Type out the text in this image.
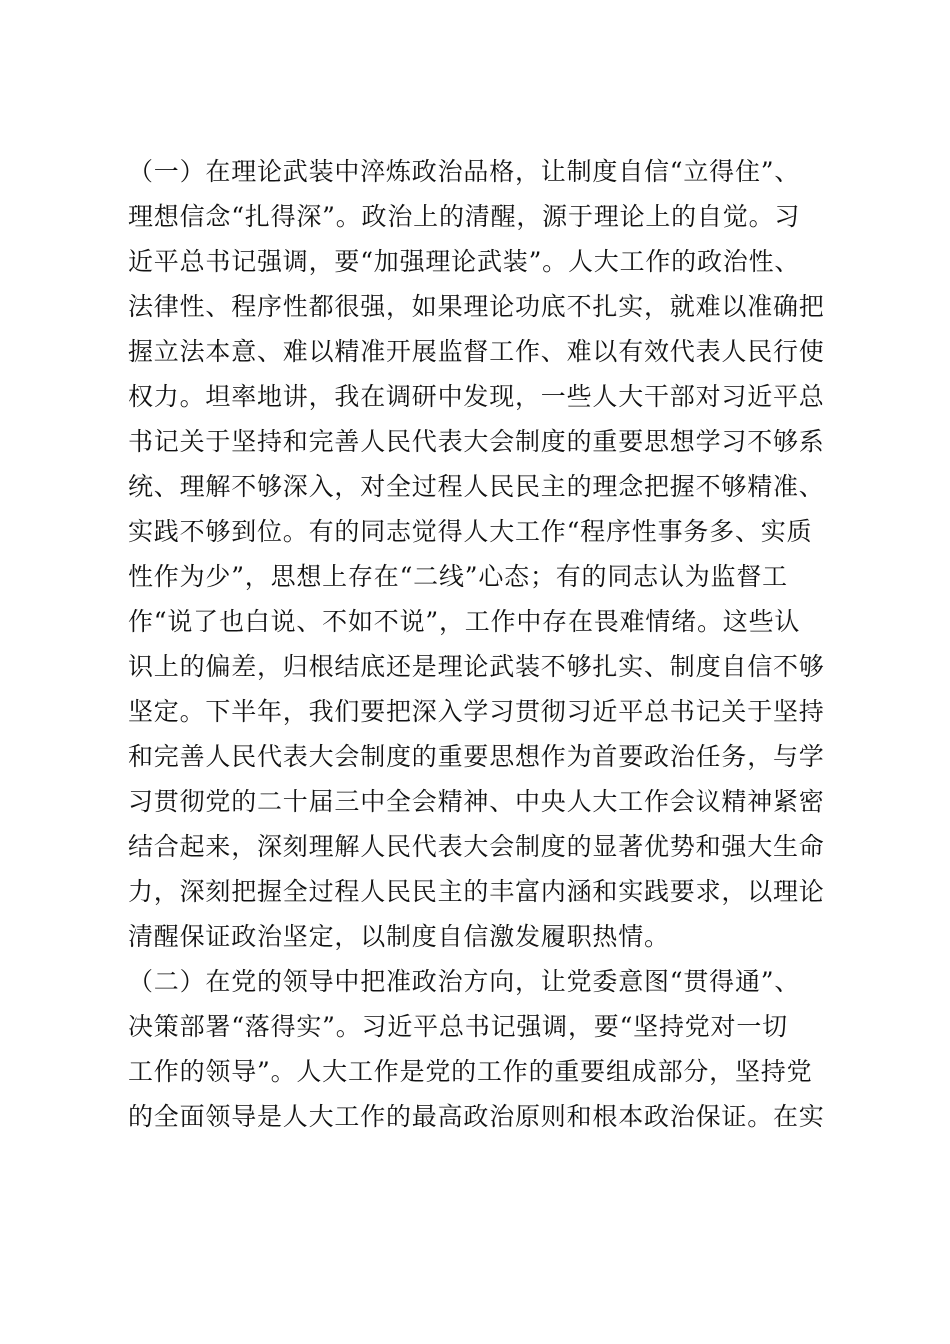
（一）在理论武装中淬炼政治品格，让制度自信“立得住”、
理想信念“扎得深”。政治上的清醒，源于理论上的自觉。习
近平总书记强调，要“加强理论武装”。人大工作的政治性、
法律性、程序性都很强，如果理论功底不扎实，就难以准确把
握立法本意、难以精准开展监督工作、难以有效代表人民行使
权力。坦率地讲，我在调研中发现，一些人大干部对习近平总
书记关于坚持和完善人民代表大会制度的重要思想学习不够系
统、理解不够深入，对全过程人民民主的理念把握不够精准、
实践不够到位。有的同志觉得人大工作“程序性事务多、实质
性作为少”，思想上存在“二线”心态；有的同志认为监督工
作“说了也白说、不如不说”，工作中存在畏难情绪。这些认
识上的偏差，归根结底还是理论武装不够扎实、制度自信不够
坚定。下半年，我们要把深入学习贯彻习近平总书记关于坚持
和完善人民代表大会制度的重要思想作为首要政治任务，与学
习贯彻党的二十届三中全会精神、中央人大工作会议精神紧密
结合起来，深刻理解人民代表大会制度的显著优势和强大生命
力，深刻把握全过程人民民主的丰富内涵和实践要求，以理论
清醒保证政治坚定，以制度自信激发履职热情。
（二）在党的领导中把准政治方向，让党委意图“贯得通”、
决策部署“落得实”。习近平总书记强调，要“坚持党对一切
工作的领导”。人大工作是党的工作的重要组成部分，坚持党
的全面领导是人大工作的最高政治原则和根本政治保证。在实
